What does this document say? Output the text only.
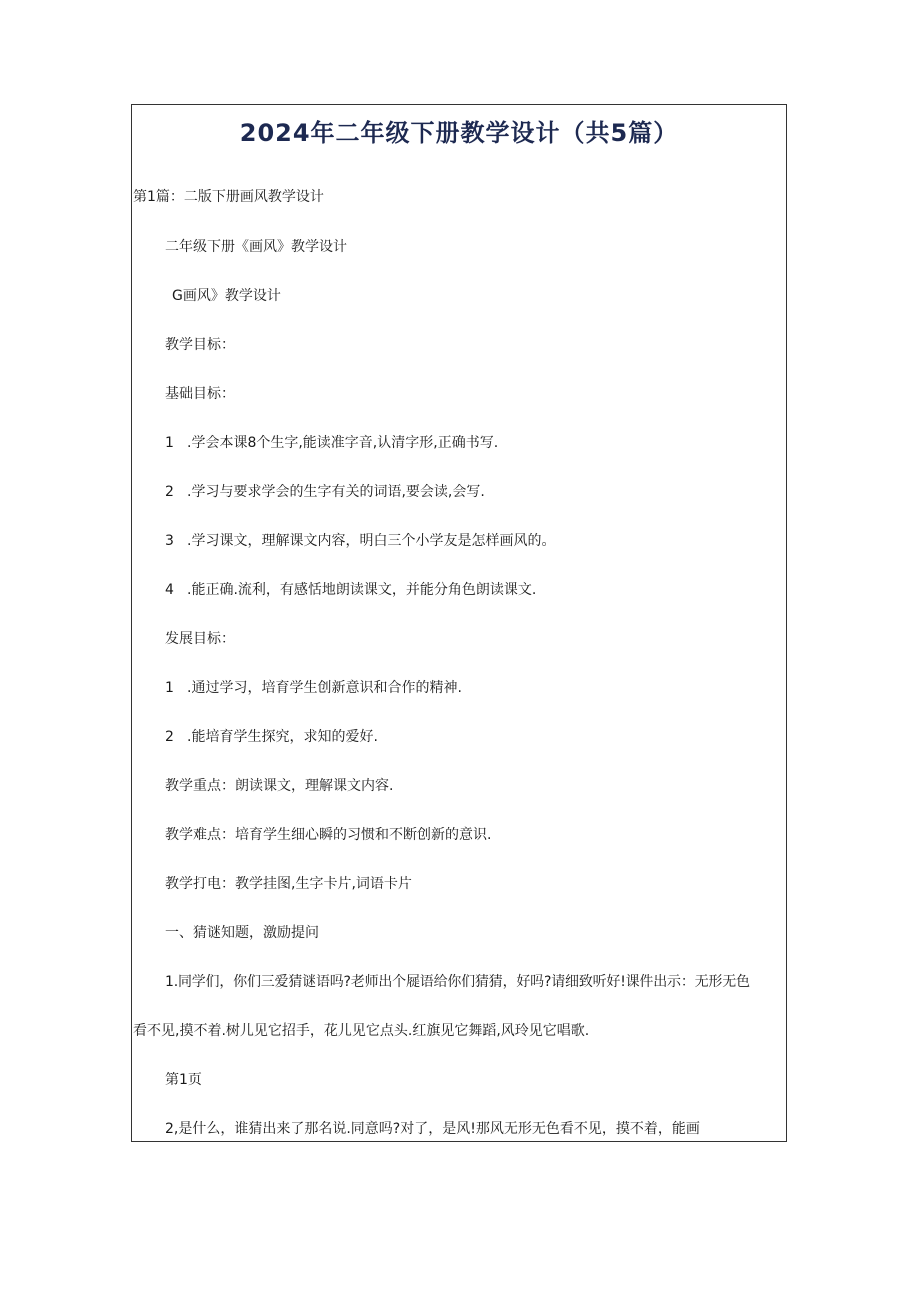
2024年二年级下册教学设计（共5篇）
第1篇：二版下册画风教学设计
二年级下册《画风》教学设计
G画风》教学设计
教学目标：
基础目标：
1 .学会本课8个生字,能读准字音,认清字形,正确书写.
2 .学习与要求学会的生字有关的词语,要会读,会写.
3 .学习课文，理解课文内容，明白三个小学友是怎样画风的。
4 .能正确.流利，有感恬地朗读课文，并能分角色朗读课文.
发展目标：
1 .通过学习，培育学生创新意识和合作的精神.
2 .能培育学生探究，求知的爱好.
教学重点：朗读课文，理解课文内容.
教学难点：培育学生细心瞬的习惯和不断创新的意识.
教学打电：教学挂图,生字卡片,词语卡片
一、猜谜知题，激励提问
1.同学们，你们三爱猜谜语吗?老师出个屣语给你们猜猜，好吗?请细致听好!课件出示：无形无色
看不见,摸不着.树儿见它招手，花儿见它点头.红旗见它舞蹈,风玲见它唱歌.
第1页
2,是什么，谁猜出来了那名说.同意吗?对了，是风!那风无形无色看不见，摸不着，能画
